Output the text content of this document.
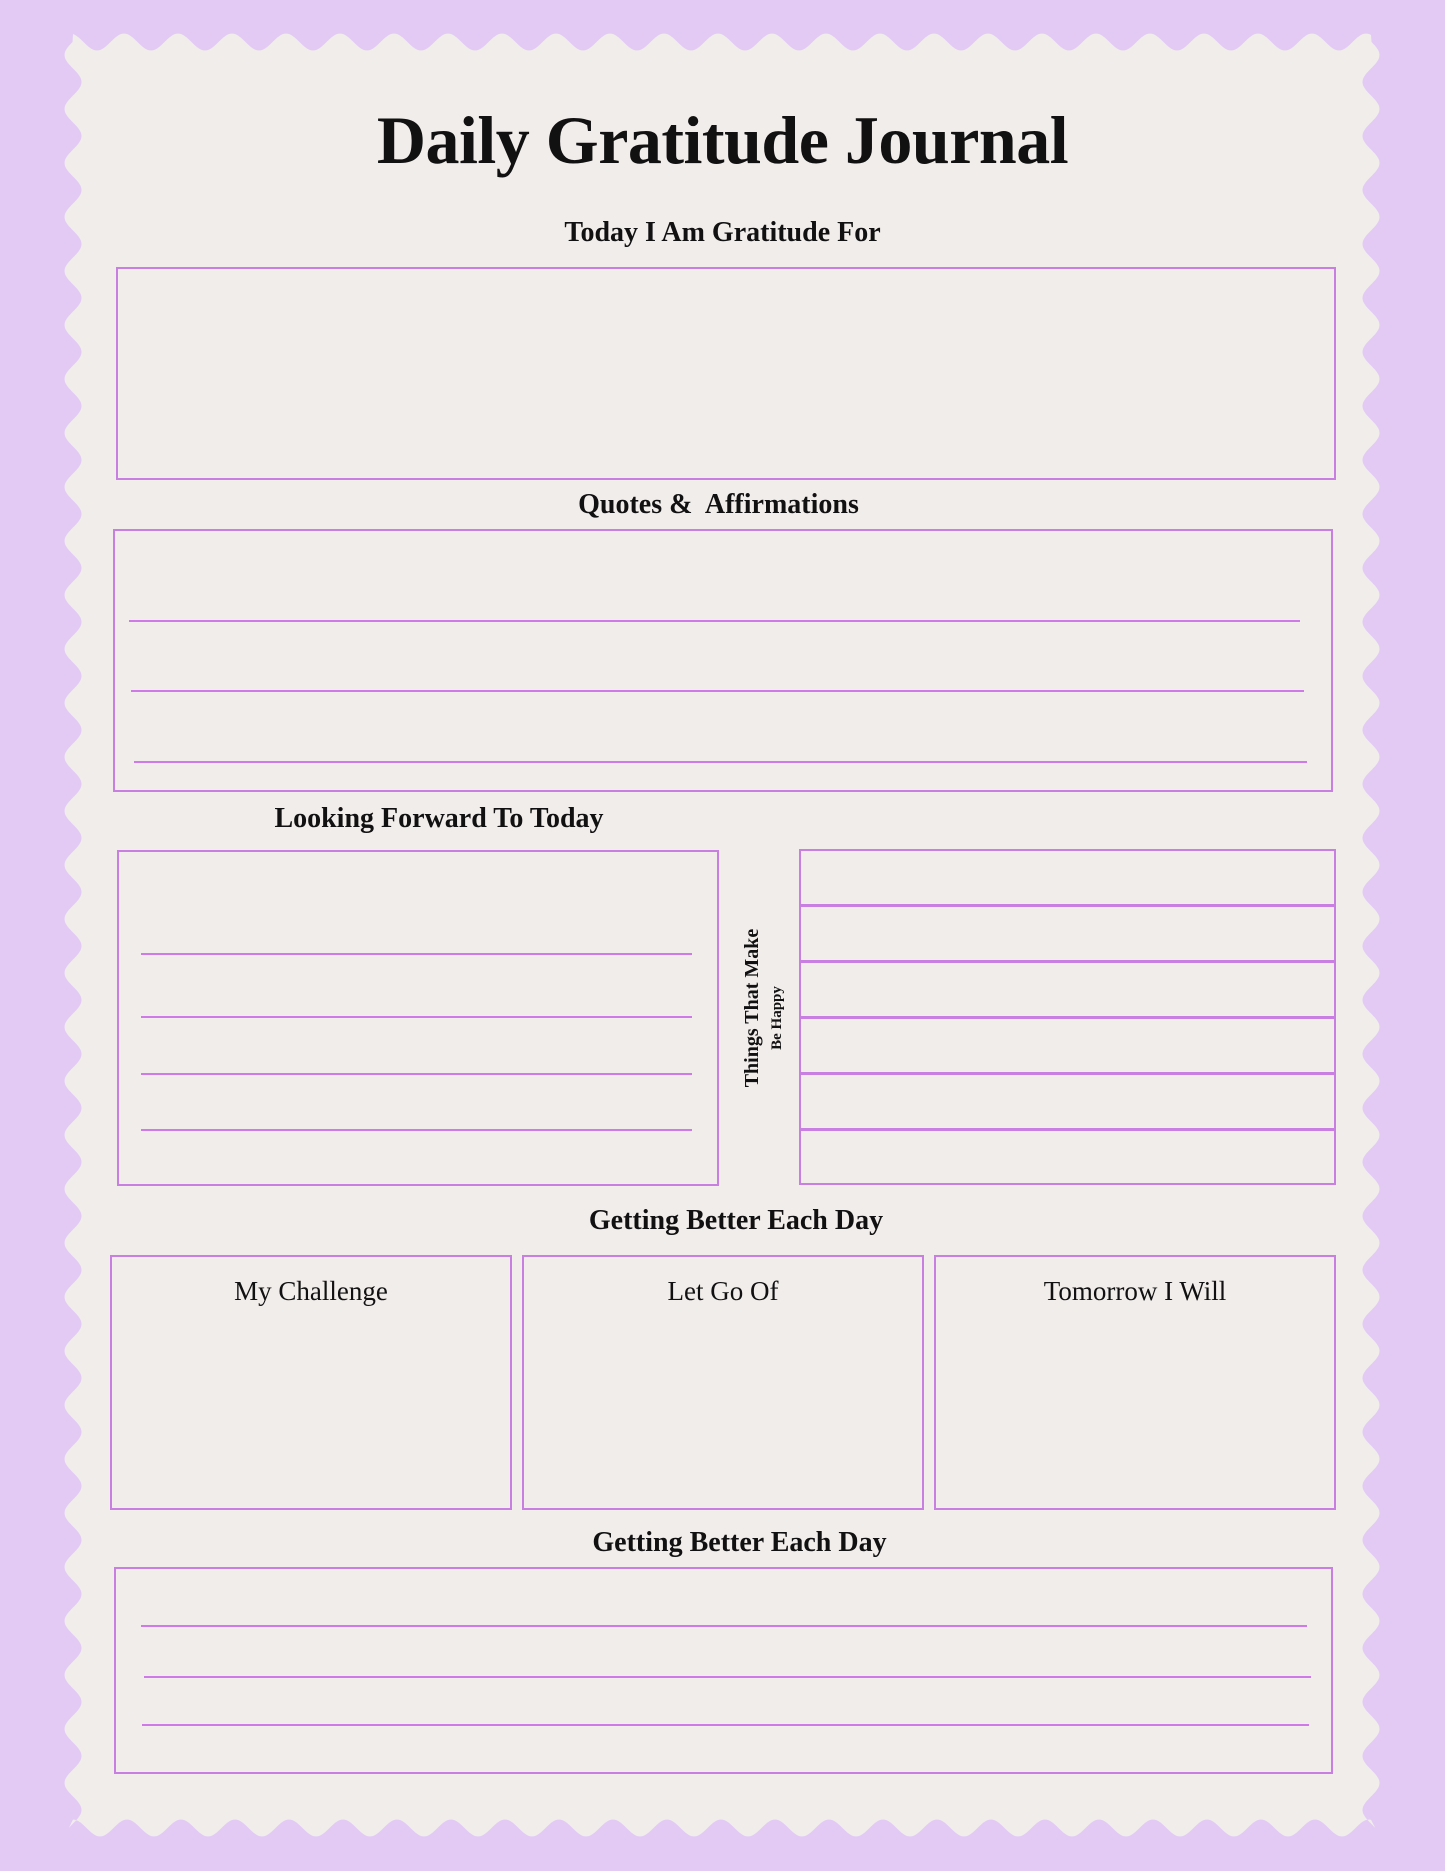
Daily Gratitude Journal
Today I Am Gratitude For
Quotes &  Affirmations
Looking Forward To Today
Things That Make Be Happy
Getting Better Each Day
My Challenge	Let Go Of	Tomorrow I Will
Getting Better Each Day
